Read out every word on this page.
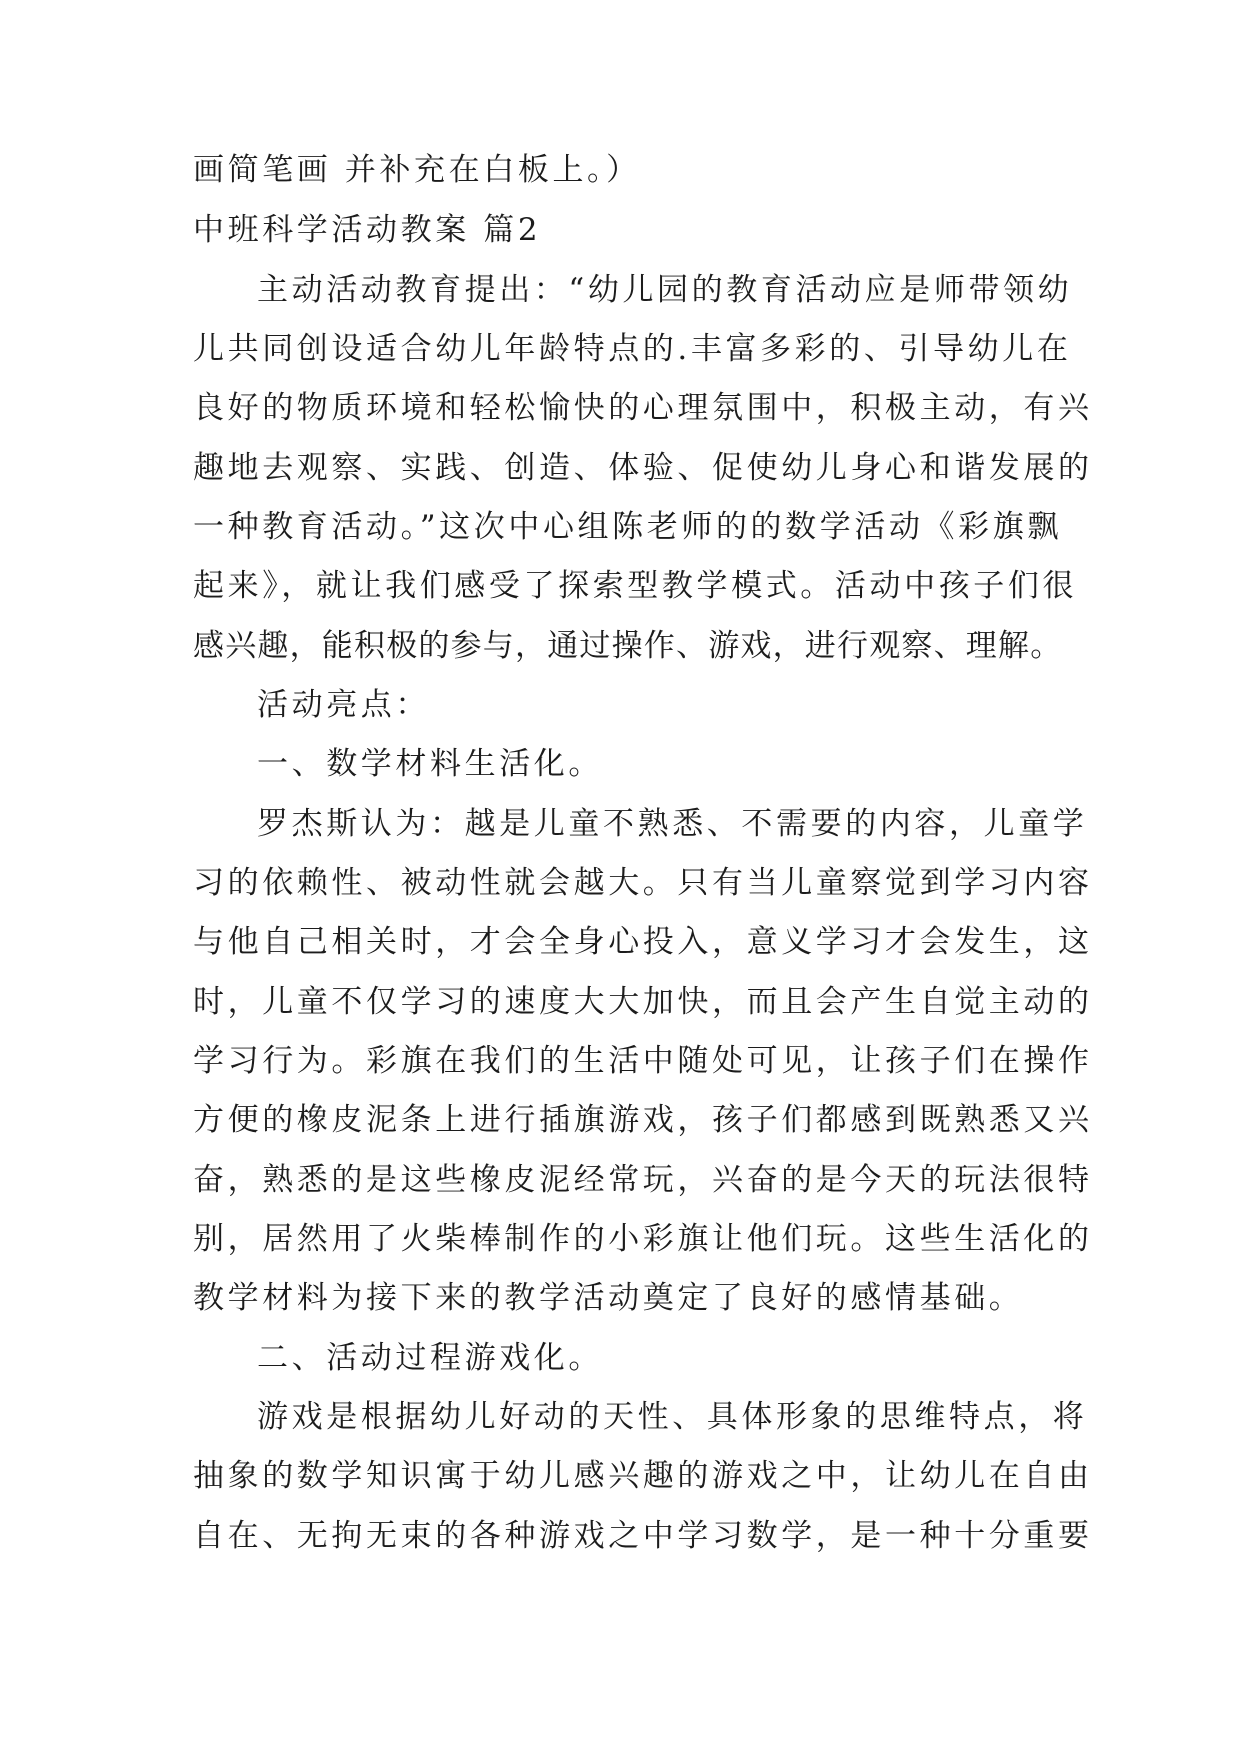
画简笔画 并补充在白板上。）
中班科学活动教案 篇2
主动活动教育提出：“幼儿园的教育活动应是师带领幼
儿共同创设适合幼儿年龄特点的.丰富多彩的、引导幼儿在
良好的物质环境和轻松愉快的心理氛围中，积极主动，有兴
趣地去观察、实践、创造、体验、促使幼儿身心和谐发展的
一种教育活动。”这次中心组陈老师的的数学活动《彩旗飘
起来》，就让我们感受了探索型教学模式。活动中孩子们很
感兴趣，能积极的参与，通过操作、游戏，进行观察、理解。
活动亮点：
一、数学材料生活化。
罗杰斯认为：越是儿童不熟悉、不需要的内容，儿童学
习的依赖性、被动性就会越大。只有当儿童察觉到学习内容
与他自己相关时，才会全身心投入，意义学习才会发生，这
时，儿童不仅学习的速度大大加快，而且会产生自觉主动的
学习行为。彩旗在我们的生活中随处可见，让孩子们在操作
方便的橡皮泥条上进行插旗游戏，孩子们都感到既熟悉又兴
奋，熟悉的是这些橡皮泥经常玩，兴奋的是今天的玩法很特
别，居然用了火柴棒制作的小彩旗让他们玩。这些生活化的
教学材料为接下来的教学活动奠定了良好的感情基础。
二、活动过程游戏化。
游戏是根据幼儿好动的天性、具体形象的思维特点，将
抽象的数学知识寓于幼儿感兴趣的游戏之中，让幼儿在自由
自在、无拘无束的各种游戏之中学习数学，是一种十分重要
